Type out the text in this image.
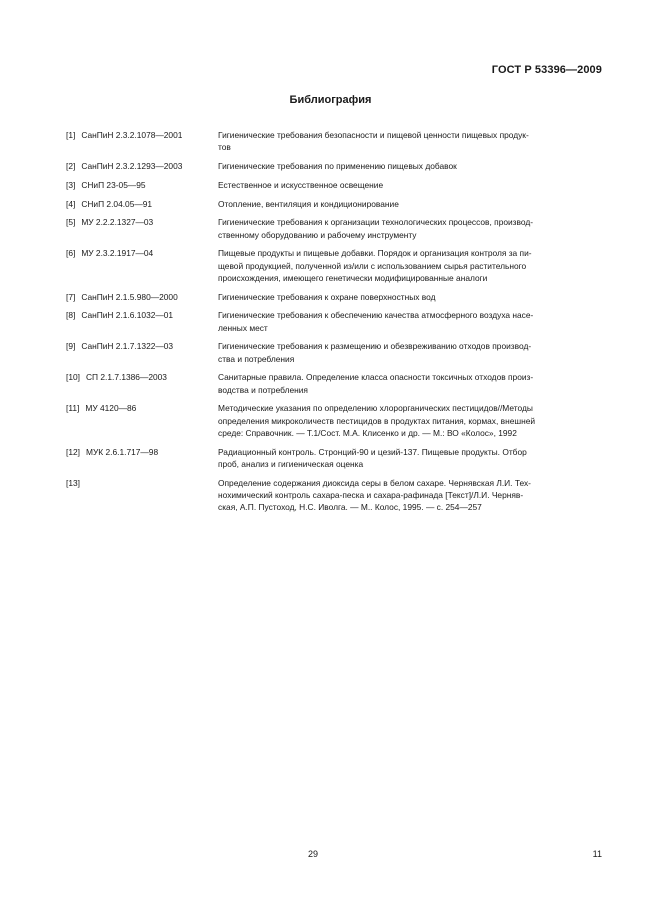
ГОСТ Р 53396—2009
Библиография
[1] СанПиН 2.3.2.1078—2001	Гигиенические требования безопасности и пищевой ценности пищевых продук-
тов
[2] СанПиН 2.3.2.1293—2003	Гигиенические требования по применению пищевых добавок
[3] СНиП 23-05—95	Естественное и искусственное освещение
[4] СНиП 2.04.05—91	Отопление, вентиляция и кондиционирование
[5] МУ 2.2.2.1327—03	Гигиенические требования к организации технологических процессов, производ-
ственному оборудованию и рабочему инструменту
[6] МУ 2.3.2.1917—04	Пищевые продукты и пищевые добавки. Порядок и организация контроля за пи-
щевой продукцией, полученной из/или с использованием сырья растительного
происхождения, имеющего генетически модифицированные аналоги
[7] СанПиН 2.1.5.980—2000	Гигиенические требования к охране поверхностных вод
[8] СанПиН 2.1.6.1032—01	Гигиенические требования к обеспечению качества атмосферного воздуха насе-
ленных мест
[9] СанПиН 2.1.7.1322—03	Гигиенические требования к размещению и обезвреживанию отходов производ-
ства и потребления
[10] СП 2.1.7.1386—2003	Санитарные правила. Определение класса опасности токсичных отходов произ-
водства и потребления
[11] МУ 4120—86	Методические указания по определению хлорорганических пестицидов//Методы
определения микроколичеств пестицидов в продуктах питания, кормах, внешней
среде: Справочник. — Т.1/Сост. М.А. Клисенко и др. — М.: ВО «Колос», 1992
[12] МУК 2.6.1.717—98	Радиационный контроль. Стронций-90 и цезий-137. Пищевые продукты. Отбор
проб, анализ и гигиеническая оценка
[13]	Определение содержания диоксида серы в белом сахаре. Чернявская Л.И. Тех-
нохимический контроль сахара-песка и сахара-рафинада [Текст]/Л.И. Черняв-
ская, А.П. Пустоход, Н.С. Иволга. — М.. Колос, 1995. — с. 254—257
29	11
